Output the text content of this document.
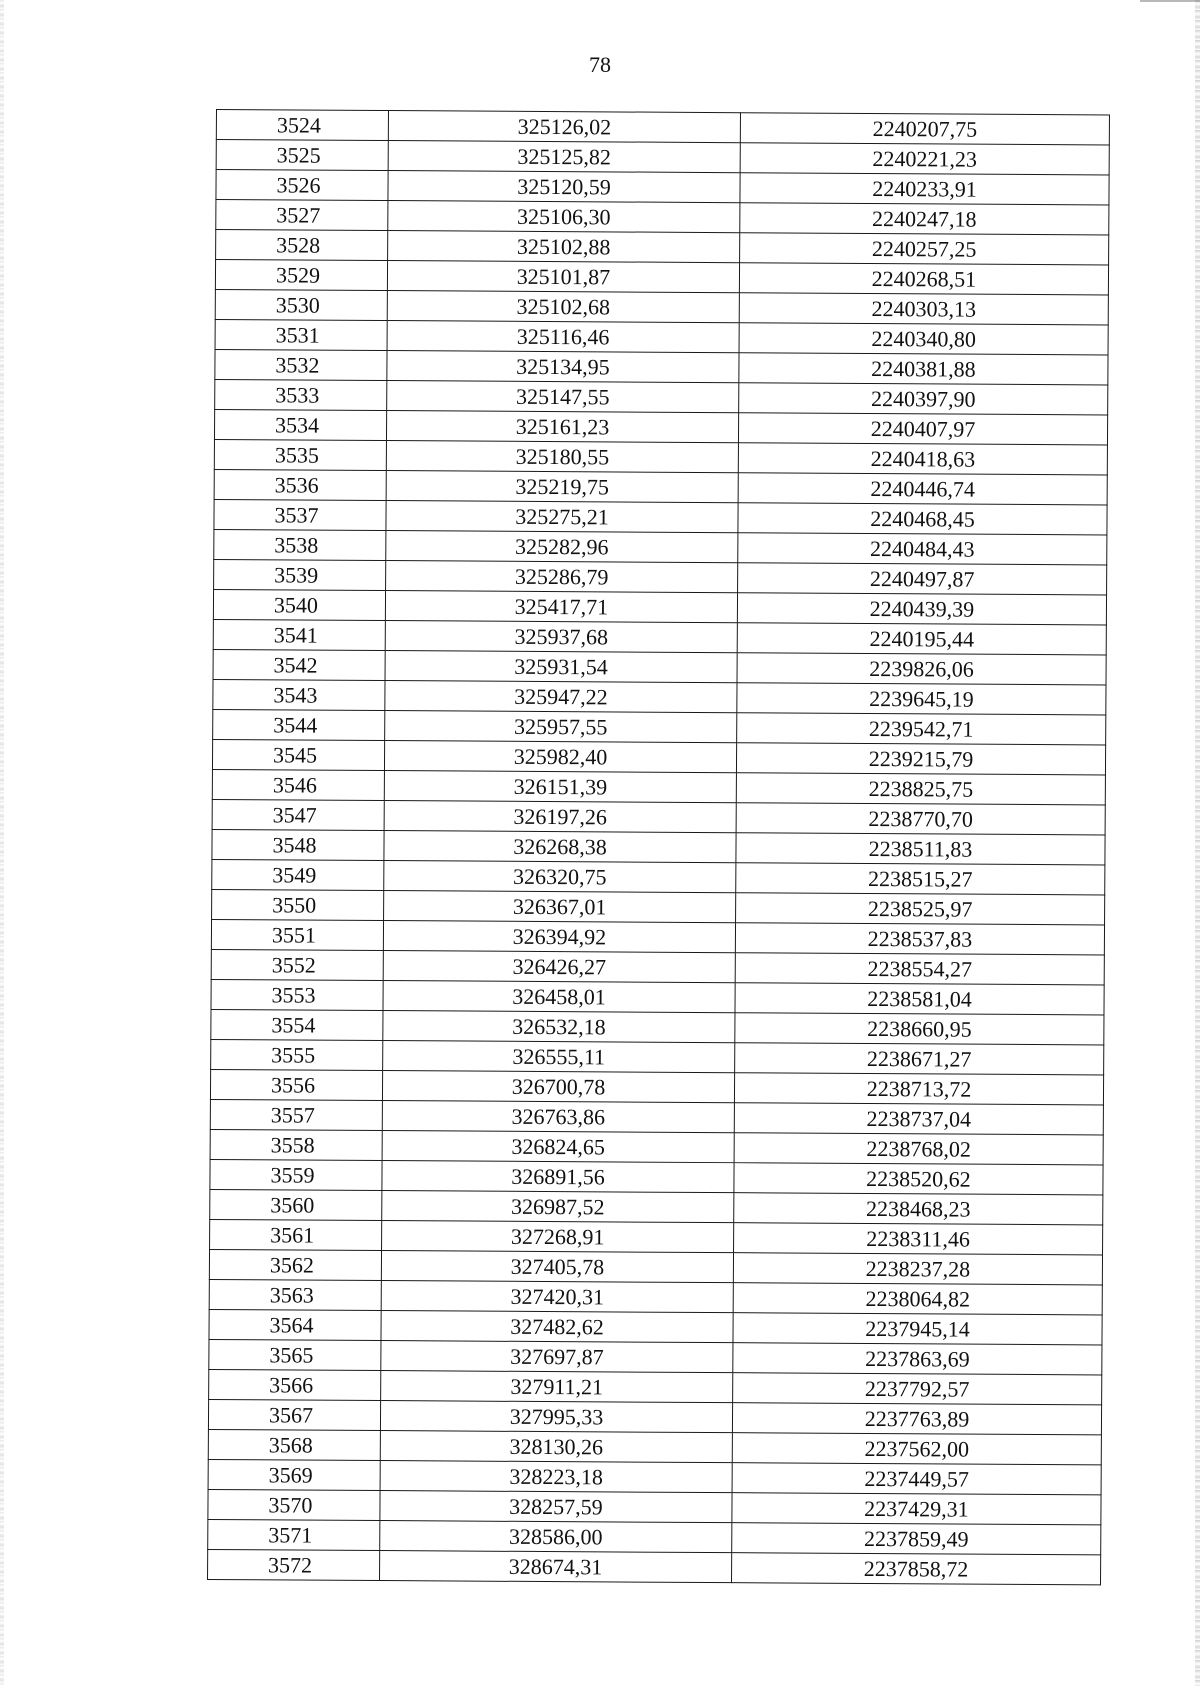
78
3524	325126,02	2240207,75
3525	325125,82	2240221,23
3526	325120,59	2240233,91
3527	325106,30	2240247,18
3528	325102,88	2240257,25
3529	325101,87	2240268,51
3530	325102,68	2240303,13
3531	325116,46	2240340,80
3532	325134,95	2240381,88
3533	325147,55	2240397,90
3534	325161,23	2240407,97
3535	325180,55	2240418,63
3536	325219,75	2240446,74
3537	325275,21	2240468,45
3538	325282,96	2240484,43
3539	325286,79	2240497,87
3540	325417,71	2240439,39
3541	325937,68	2240195,44
3542	325931,54	2239826,06
3543	325947,22	2239645,19
3544	325957,55	2239542,71
3545	325982,40	2239215,79
3546	326151,39	2238825,75
3547	326197,26	2238770,70
3548	326268,38	2238511,83
3549	326320,75	2238515,27
3550	326367,01	2238525,97
3551	326394,92	2238537,83
3552	326426,27	2238554,27
3553	326458,01	2238581,04
3554	326532,18	2238660,95
3555	326555,11	2238671,27
3556	326700,78	2238713,72
3557	326763,86	2238737,04
3558	326824,65	2238768,02
3559	326891,56	2238520,62
3560	326987,52	2238468,23
3561	327268,91	2238311,46
3562	327405,78	2238237,28
3563	327420,31	2238064,82
3564	327482,62	2237945,14
3565	327697,87	2237863,69
3566	327911,21	2237792,57
3567	327995,33	2237763,89
3568	328130,26	2237562,00
3569	328223,18	2237449,57
3570	328257,59	2237429,31
3571	328586,00	2237859,49
3572	328674,31	2237858,72
